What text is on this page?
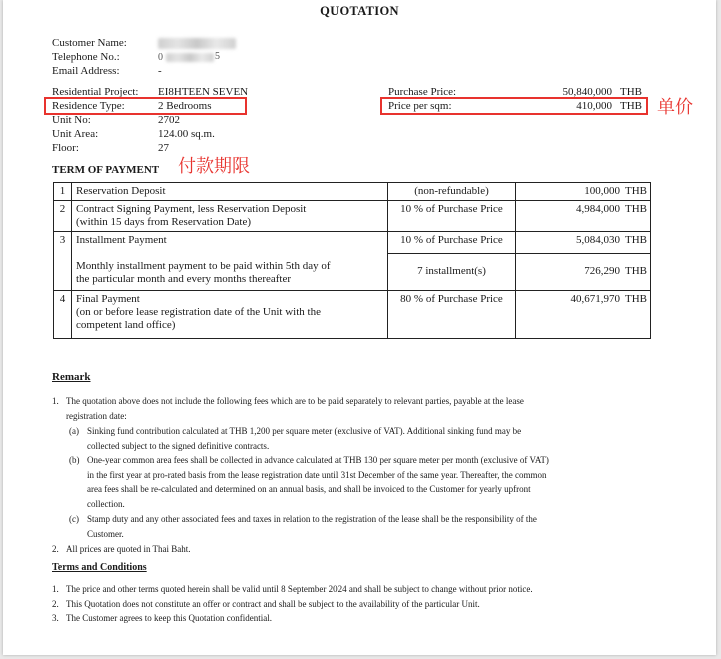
QUOTATION
Customer Name:
Telephone No.:	0	5
Email Address:	-
Residential Project: EI8HTEEN SEVEN
Residence Type:	2 Bedrooms
Unit No:	2702
Unit Area:	124.00 sq.m.
Floor:	27
Purchase Price:	50,840,000 THB
Price per sqm:	410,000 THB 单价
TERM OF PAYMENT 付款期限
1	Reservation Deposit	(non-refundable)	100,000 THB
2	Contract Signing Payment, less Reservation Deposit
(within 15 days from Reservation Date)	10 % of Purchase Price	4,984,000 THB
3	Installment Payment	10 % of Purchase Price	5,084,030 THB

	Monthly installment payment to be paid within 5th day of
the particular month and every months thereafter	7 installment(s)	726,290 THB
4	Final Payment
(on or before lease registration date of the Unit with the
competent land office)	80 % of Purchase Price	40,671,970 THB
Remark
1. The quotation above does not include the following fees which are to be paid separately to relevant parties, payable at the lease
registration date:
(a) Sinking fund contribution calculated at THB 1,200 per square meter (exclusive of VAT). Additional sinking fund may be
collected subject to the signed definitive contracts.
(b) One-year common area fees shall be collected in advance calculated at THB 130 per square meter per month (exclusive of VAT)
in the first year at pro-rated basis from the lease registration date until 31st December of the same year. Thereafter, the common
area fees shall be re-calculated and determined on an annual basis, and shall be invoiced to the Customer for yearly upfront
collection.
(c) Stamp duty and any other associated fees and taxes in relation to the registration of the lease shall be the responsibility of the
Customer.
2. All prices are quoted in Thai Baht.
Terms and Conditions
1. The price and other terms quoted herein shall be valid until 8 September 2024 and shall be subject to change without prior notice.
2. This Quotation does not constitute an offer or contract and shall be subject to the availability of the particular Unit.
3. The Customer agrees to keep this Quotation confidential.
